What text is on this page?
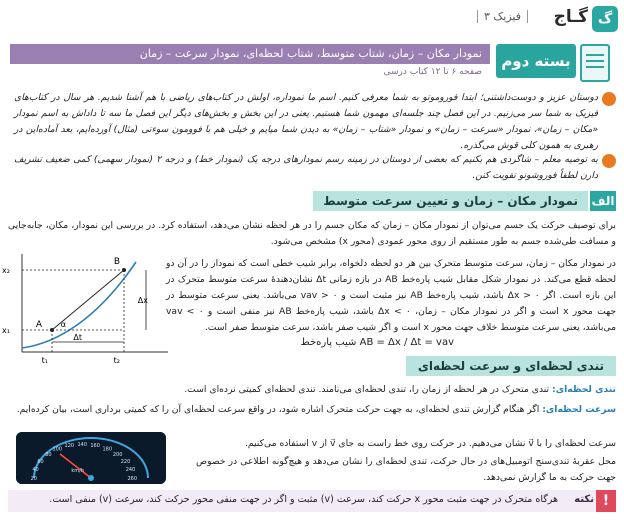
گ
گـاج
فیزیک ۳
بسته دوم
نمودار مکان – زمان، شتاب متوسط، شتاب لحظه‌ای، نمودار سرعت – زمان
صفحه ۶ تا ۱۲ کتاب درسی
دوستان عزیز و دوست‌داشتنی؛ ابتدا فوروموتو به شما معرفی کنیم. اسم ما نموداره، اولش در کتاب‌های ریاضی با هم آشنا شدیم. هر سال در کتاب‌های فیزیک به شما سر می‌زنیم. در این فصل چند جلسه‌ای مهمون شما هستیم. یعنی در این بخش و بخش‌های دیگر این فصل ما سه تا داداش به اسم نمودار «مکان – زمان»، نمودار «سرعت – زمان» و نمودار «شتاب – زمان» به دیدن شما میایم و خیلی هم با فوومون سوءتی (مثال) آورده‌ایم، بعد آماده‌این در رهبری به همون کلی قوش می‌گذره.
به توصیه معلم – شاگردی هم بکنیم که بعضی از دوستان در زمینه رسم نمودارهای درجه یک (نمودار خط) و درجه ۲ (نمودار سهمی) کمی ضعیف تشریف دارن لطفاً فوروشونو تقویت کنن.
الف
نمودار مکان – زمان و تعیین سرعت متوسط
برای توصیف حرکت یک جسم می‌توان از نمودار مکان – زمان که مکان جسم را در هر لحظه نشان می‌دهد، استفاده کرد. در بررسی این نمودار، مکان، جابه‌جایی و مسافت طی‌شده جسم به طور مستقیم از روی محور عمودی (محور x) مشخص می‌شود.
در نمودار مکان – زمان، سرعت متوسط متحرک بین هر دو لحظه دلخواه، برابر شیب خطی است که نمودار را در آن دو لحظه قطع می‌کند. در نمودار شکل مقابل شیب پاره‌خط AB در بازه زمانی Δt نشان‌دهندهٔ سرعت متوسط متحرک در این بازه است. اگر Δx > ۰ باشد، شیب پاره‌خط AB نیز مثبت است و vav > ۰ می‌باشد. یعنی سرعت متوسط در جهت محور x است و اگر در نمودار مکان – زمان، Δx < ۰ باشد، شیب پاره‌خط AB نیز منفی است و vav < ۰ می‌باشد، یعنی سرعت متوسط خلاف جهت محور x است و اگر شیب صفر باشد، سرعت متوسط صفر است.
شیب پاره‌خط AB = Δx / Δt = vav
x₁
x₂
t₁	t₂
A
B
α
Δx
Δt
تندی لحظه‌ای و سرعت لحظه‌ای
تندی لحظه‌ای: تندی متحرک در هر لحظه از زمان را، تندی لحظه‌ای می‌نامند. تندی لحظه‌ای کمیتی نرده‌ای است.
سرعت لحظه‌ای: اگر هنگام گزارش تندی لحظه‌ای، به جهت حرکت متحرک اشاره شود، در واقع سرعت لحظه‌ای آن را که کمیتی برداری است، بیان کرده‌ایم.
سرعت لحظه‌ای را با v⃗ نشان می‌دهیم. در حرکت روی خط راست به جای v⃗ از v استفاده می‌کنیم.
محل عقربهٔ تندی‌سنج اتومبیل‌های در حال حرکت، تندی لحظه‌ای را نشان می‌دهد و هیچ‌گونه اطلاعی در خصوص جهت حرکت به ما گزارش نمی‌دهد.
20
40
60
80
100
120 140 160
180
200
220
240
260
km/h
!
نکته
هرگاه متحرک در جهت مثبت محور x حرکت کند، سرعت (v) مثبت و اگر در جهت منفی محور حرکت کند، سرعت (v) منفی است.
